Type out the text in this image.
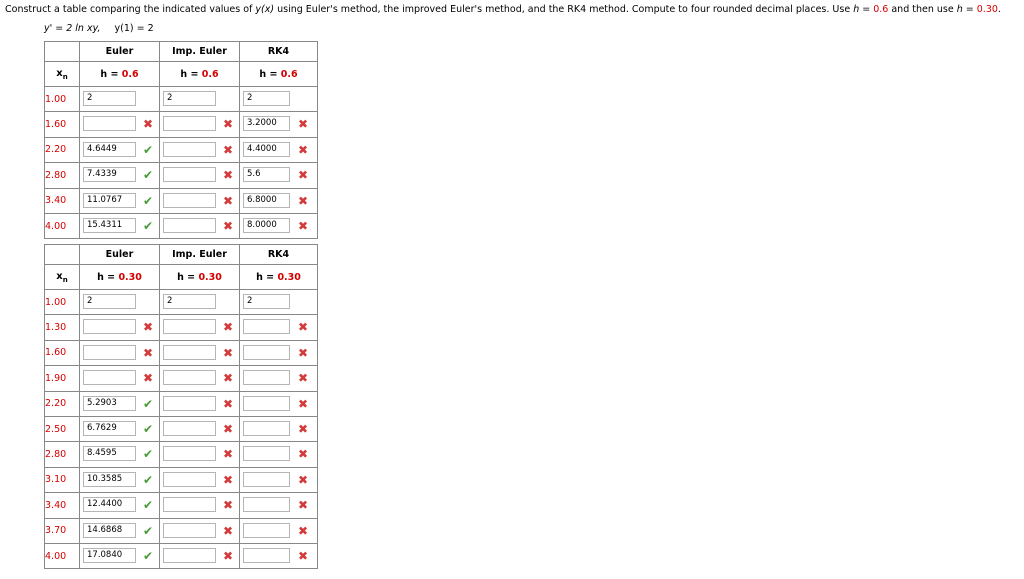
Construct a table comparing the indicated values of y(x) using Euler's method, the improved Euler's method, and the RK4 method. Compute to four rounded decimal places. Use h = 0.6 and then use h = 0.30.
y' = 2 ln xy, y(1) = 2
	Euler	Imp. Euler	RK4
$x_n$	h = 0.6	h = 0.6	h = 0.6
1.00	2	2	2

1.60	✖	✖	3.2000 ✖

2.20	4.6449 ✔	✖	4.4000 ✖

2.80	7.4339 ✔	✖	5.6 ✖

3.40	11.0767 ✔	✖	6.8000 ✖

4.00	15.4311 ✔	✖	8.0000 ✖
	Euler	Imp. Euler	RK4
$x_n$	h = 0.30	h = 0.30	h = 0.30
1.00	2	2	2

1.30	✖	✖	✖

1.60	✖	✖	✖

1.90	✖	✖	✖

2.20	5.2903 ✔	✖	✖

2.50	6.7629 ✔	✖	✖

2.80	8.4595 ✔	✖	✖

3.10	10.3585 ✔	✖	✖

3.40	12.4400 ✔	✖	✖

3.70	14.6868 ✔	✖	✖

4.00	17.0840 ✔	✖	✖
